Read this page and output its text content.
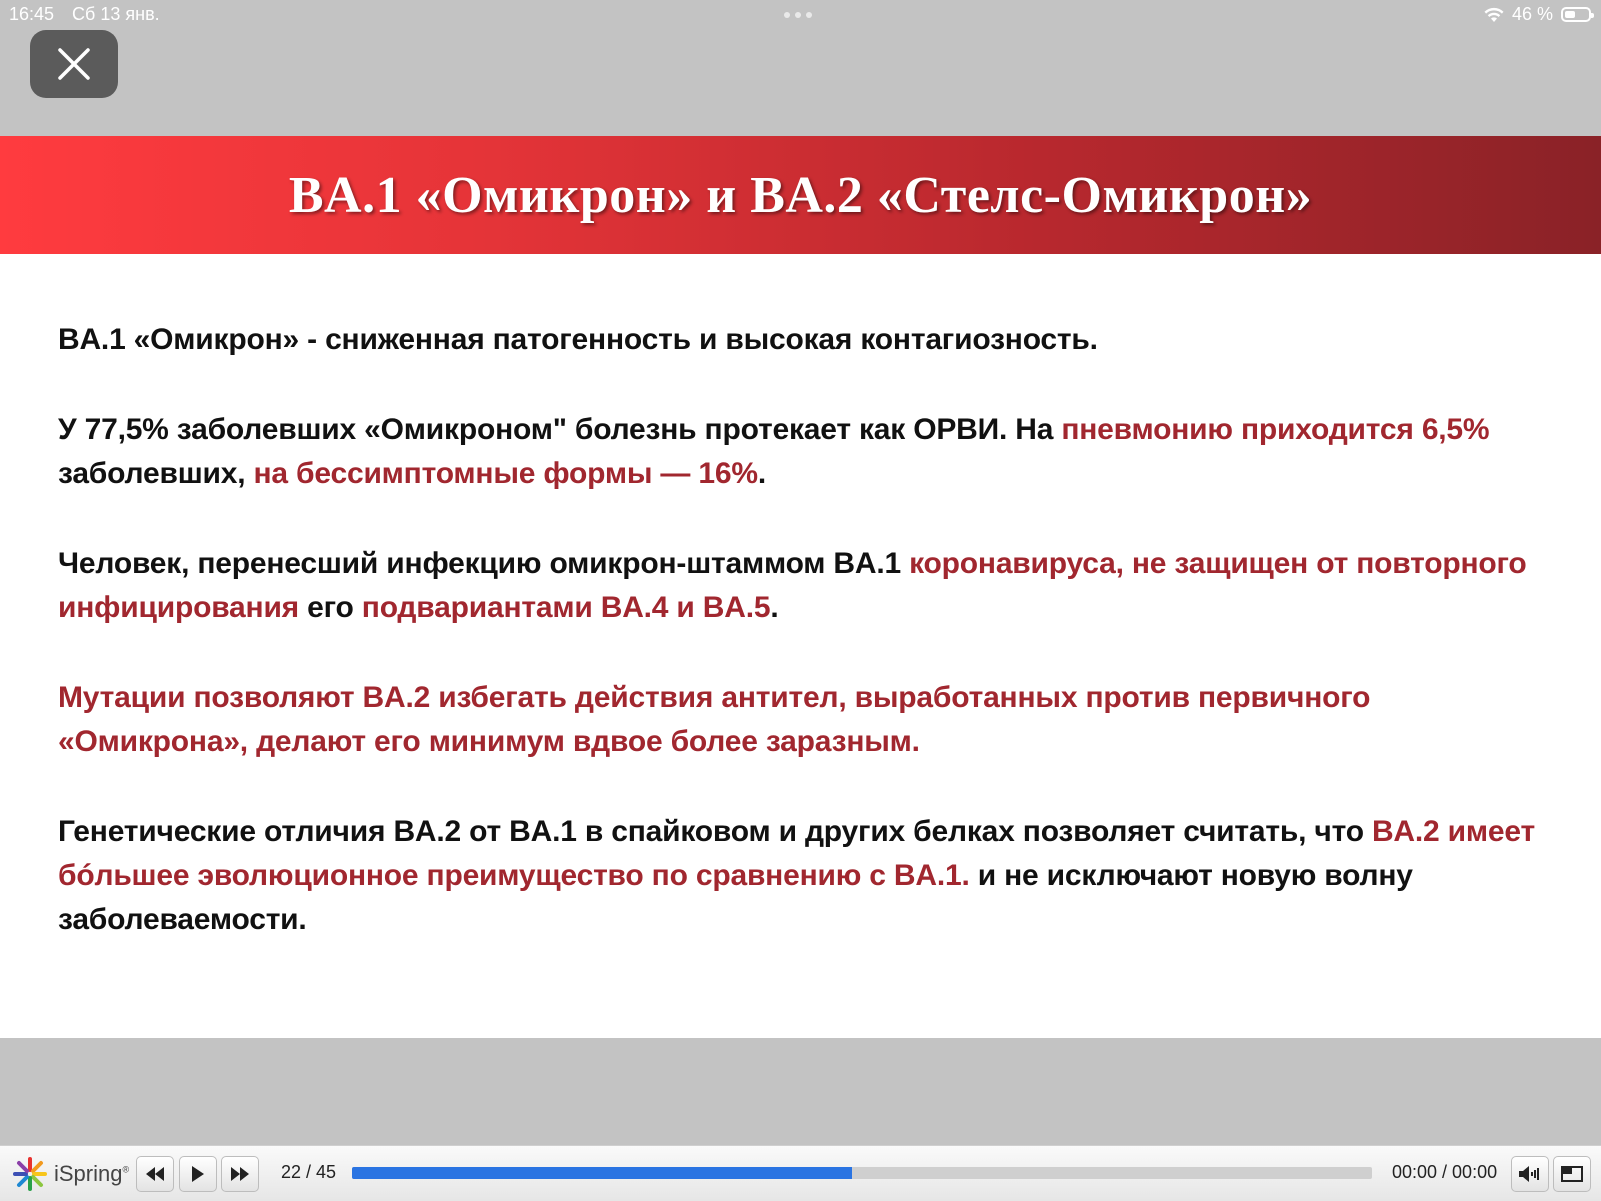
16:45 Сб 13 янв.	46 %
BA.1 «Омикрон» и BA.2 «Стелс-Омикрон»

BA.1 «Омикрон» - сниженная патогенность и высокая контагиозность.

У 77,5% заболевших «Омикроном" болезнь протекает как ОРВИ. На пневмонию приходится 6,5% заболевших, на бессимптомные формы — 16%.

Человек, перенесший инфекцию омикрон-штаммом BA.1 коронавируса, не защищен от повторного инфицирования его подвариантами BA.4 и BA.5.

Мутации позволяют BA.2 избегать действия антител, выработанных против первичного «Омикрона», делают его минимум вдвое более заразным.

Генетические отличия BA.2 от BA.1 в спайковом и других белках позволяет считать, что BA.2 имеет бóльшее эволюционное преимущество по сравнению с BA.1. и не исключают новую волну заболеваемости.

iSpring®	22 / 45	00:00 / 00:00
